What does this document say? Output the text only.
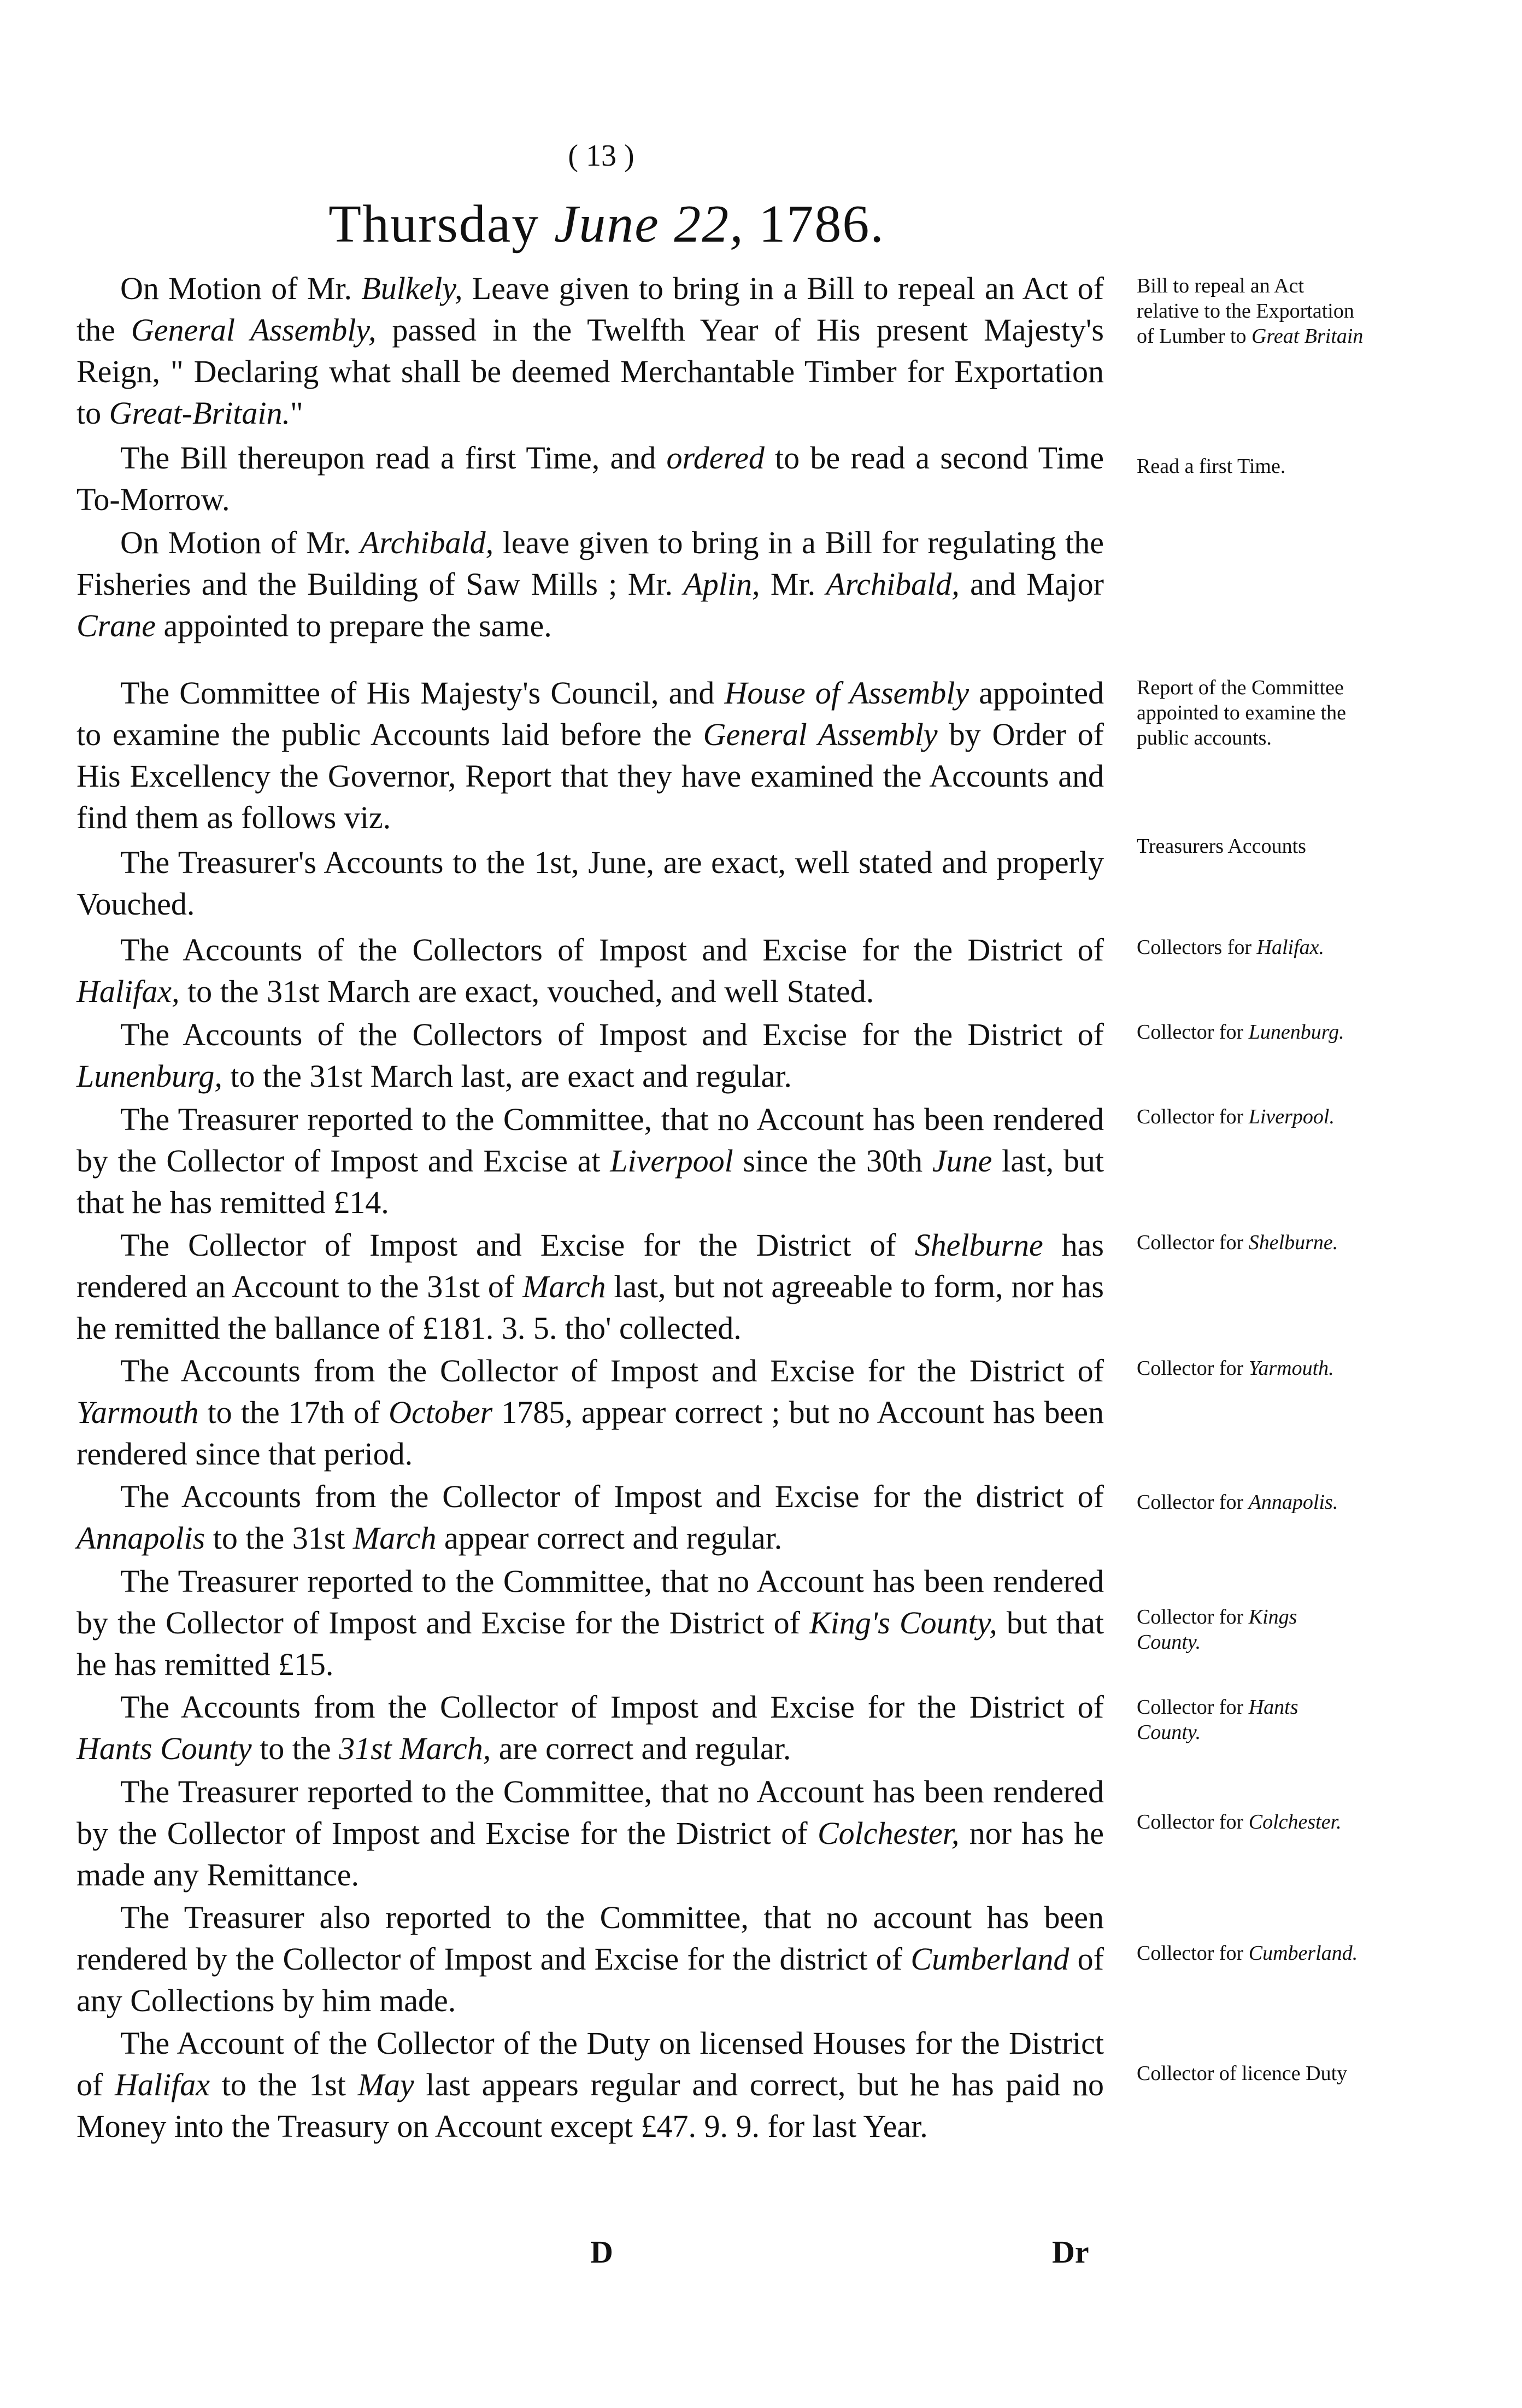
( 13 )
Thursday June 22, 1786.
On Motion of Mr. Bulkely, Leave given to bring in a Bill to repeal an Act of the General Assembly, passed in the Twelfth Year of His present Majesty's Reign, " Declaring what shall be deemed Merchantable Timber for Exportation to Great-Britain."
The Bill thereupon read a first Time, and ordered to be read a second Time To-Morrow.
On Motion of Mr. Archibald, leave given to bring in a Bill for regulating the Fisheries and the Building of Saw Mills ; Mr. Aplin, Mr. Archibald, and Major Crane appointed to prepare the same.
The Committee of His Majesty's Council, and House of Assembly appointed to examine the public Accounts laid before the General Assembly by Order of His Excellency the Governor, Report that they have examined the Accounts and find them as follows viz.
The Treasurer's Accounts to the 1st, June, are exact, well stated and properly Vouched.
The Accounts of the Collectors of Impost and Excise for the District of Halifax, to the 31st March are exact, vouched, and well Stated.
The Accounts of the Collectors of Impost and Excise for the District of Lunenburg, to the 31st March last, are exact and regular.
The Treasurer reported to the Committee, that no Account has been rendered by the Collector of Impost and Excise at Liverpool since the 30th June last, but that he has remitted £14.
The Collector of Impost and Excise for the District of Shelburne has rendered an Account to the 31st of March last, but not agreeable to form, nor has he remitted the ballance of £181. 3. 5. tho' collected.
The Accounts from the Collector of Impost and Excise for the District of Yarmouth to the 17th of October 1785, appear correct ; but no Account has been rendered since that period.
The Accounts from the Collector of Impost and Excise for the district of Annapolis to the 31st March appear correct and regular.
The Treasurer reported to the Committee, that no Account has been rendered by the Collector of Impost and Excise for the District of King's County, but that he has remitted £15.
The Accounts from the Collector of Impost and Excise for the District of Hants County to the 31st March, are correct and regular.
The Treasurer reported to the Committee, that no Account has been rendered by the Collector of Impost and Excise for the District of Colchester, nor has he made any Remittance.
The Treasurer also reported to the Committee, that no account has been rendered by the Collector of Impost and Excise for the district of Cumberland of any Collections by him made.
The Account of the Collector of the Duty on licensed Houses for the District of Halifax to the 1st May last appears regular and correct, but he has paid no Money into the Treasury on Account except £47. 9. 9. for last Year.
Bill to repeal an Act relative to the Exportation of Lumber to Great Britain
Read a first Time.
Report of the Committee appointed to examine the public accounts.
Treasurers Accounts
Collectors for Halifax.
Collector for Lunenburg.
Collector for Liverpool.
Collector for Shelburne.
Collector for Yarmouth.
Collector for Annapolis.
Collector for Kings County.
Collector for Hants County.
Collector for Colchester.
Collector for Cumberland.
Collector of licence Duty
D	Dr
